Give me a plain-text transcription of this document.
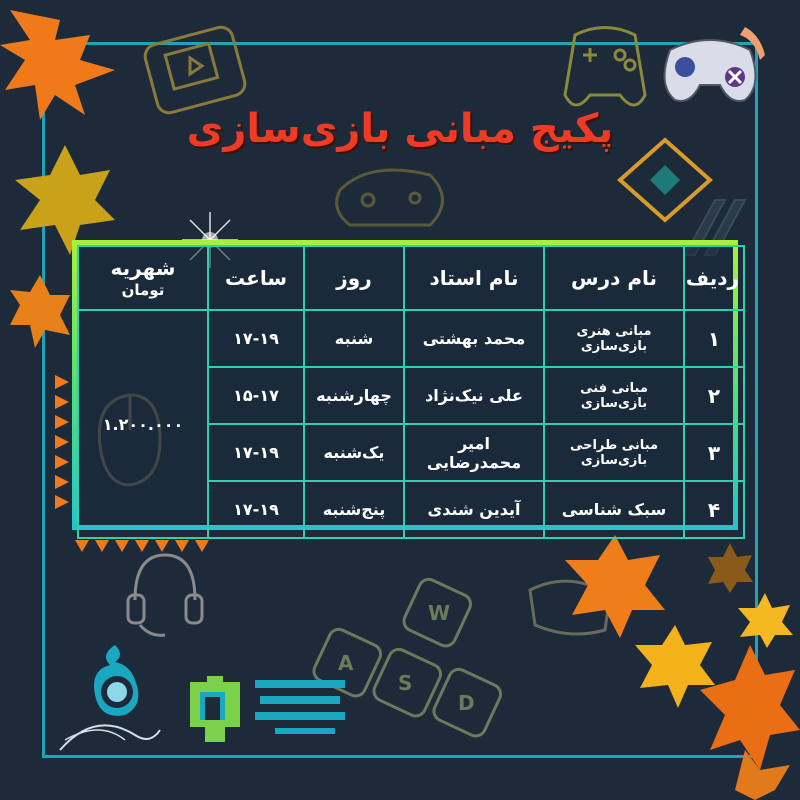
W
A
S
D
پکیج مبانی بازی‌سازی
ردیف	نام درس	نام استاد	روز	ساعت	شهریه
تومان

۱	مبانی هنری بازی‌سازی	محمد بهشتی	شنبه	۱۷-۱۹	۱.۲۰۰.۰۰۰
۲	مبانی فنی بازی‌سازی	علی نیک‌نژاد	چهارشنبه	۱۵-۱۷	
۳	مبانی طراحی بازی‌سازی	امیر محمدرضایی	یک‌شنبه	۱۷-۱۹	
۴	سبک شناسی	آیدین شندی	پنج‌شنبه	۱۷-۱۹	
